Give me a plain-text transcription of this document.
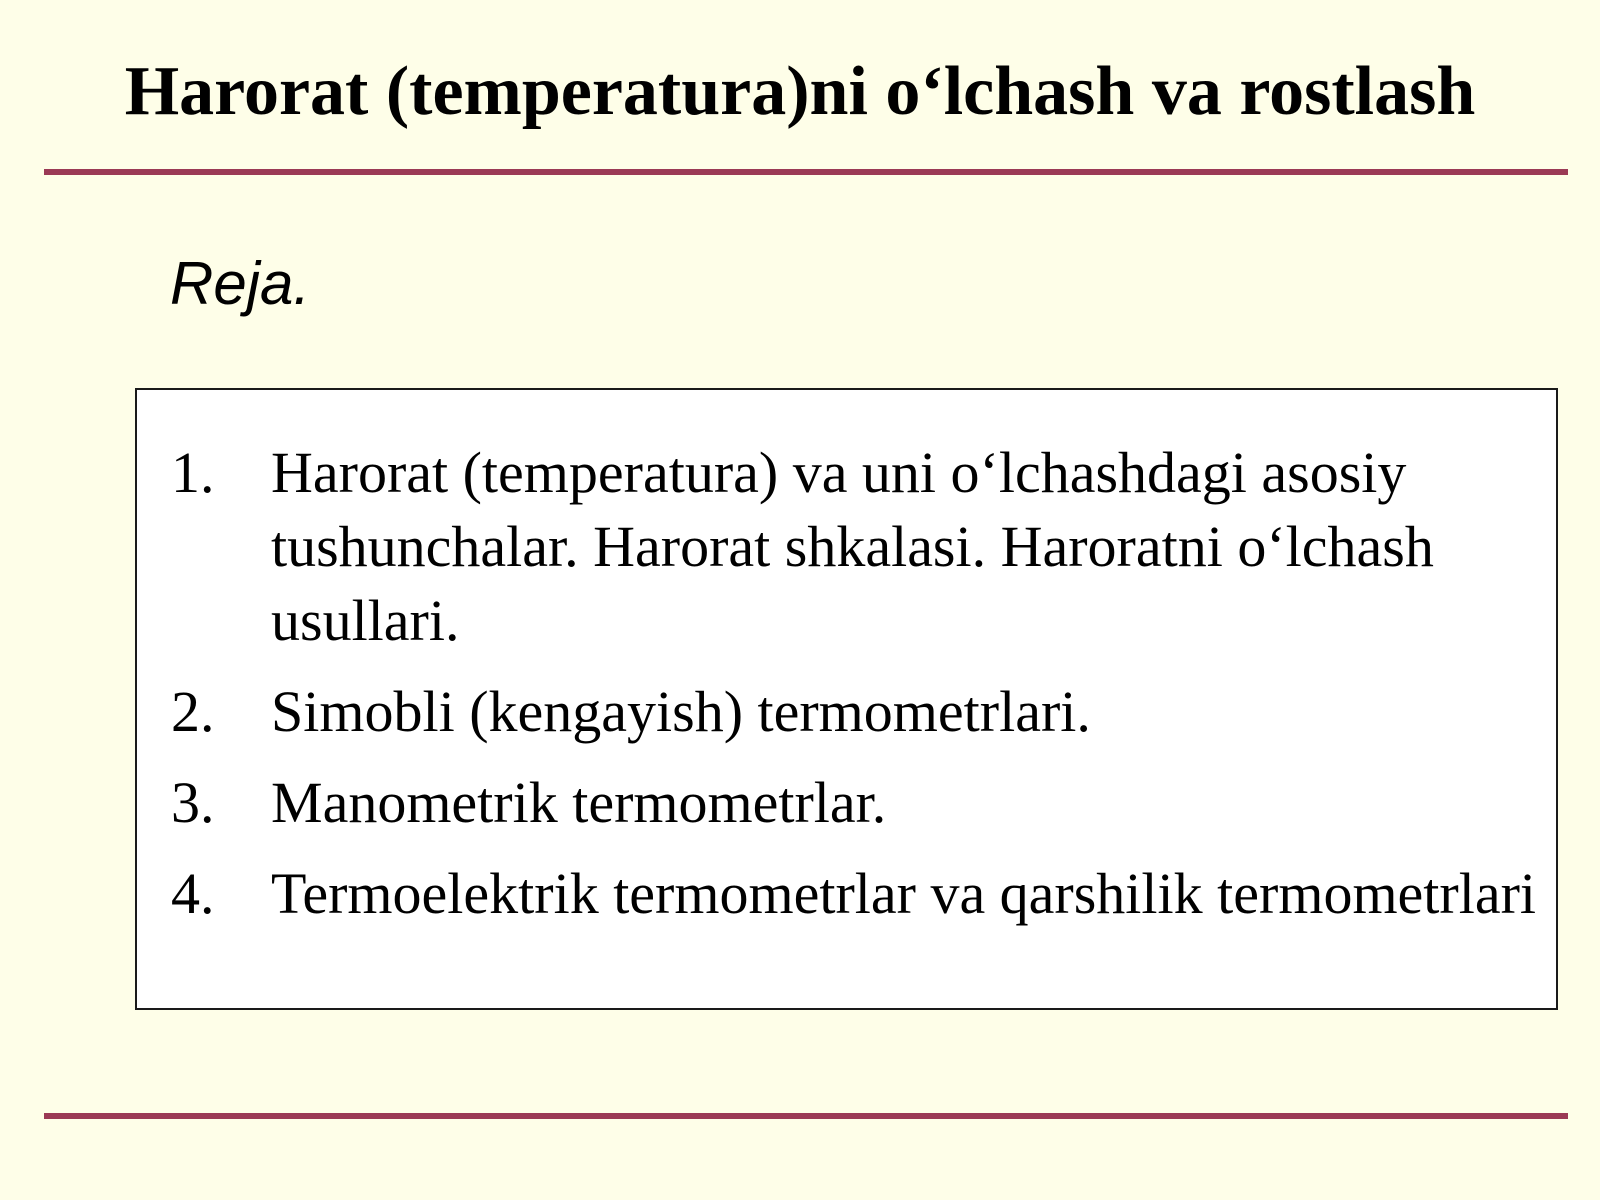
Harorat (temperatura)ni o‘lchash va rostlash
Reja.
1. Harorat (temperatura) va uni o‘lchashdagi asosiy tushunchalar. Harorat shkalasi. Haroratni o‘lchash usullari.
2. Simobli (kengayish) termometrlari.
3. Manometrik termometrlar.
4. Termoelektrik termometrlar va qarshilik termometrlari
